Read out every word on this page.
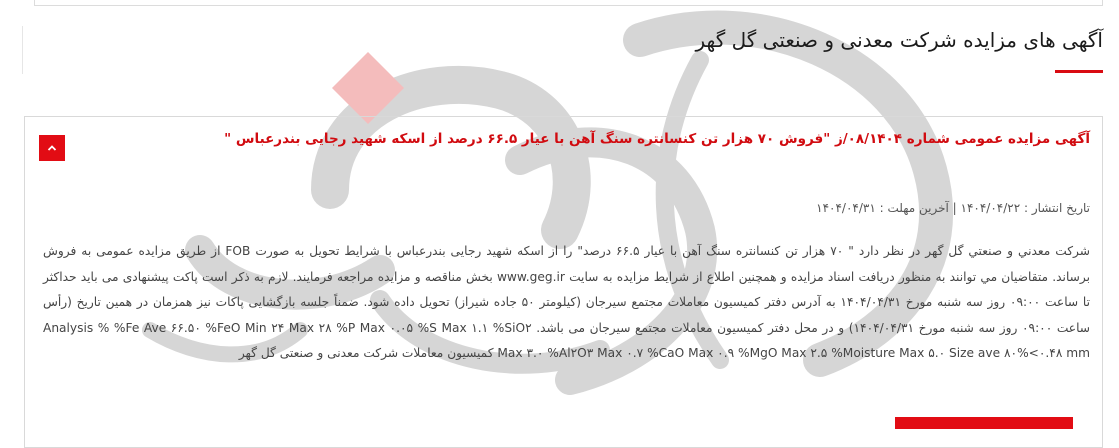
آگهی های مزایده شرکت معدنی و صنعتی گل گهر
آگهی مزایده عمومی شماره ۰۸/۱۴۰۴/ز "فروش ۷۰ هزار تن کنسانتره سنگ آهن با عیار ۶۶.۵ درصد از اسکه شهید رجایی بندرعباس "

تاریخ انتشار : ۱۴۰۴/۰۴/۲۲ | آخرین مهلت : ۱۴۰۴/۰۴/۳۱

شرکت معدني و صنعتي گل گهر در نظر دارد " ۷۰ هزار تن کنسانتره سنگ آهن با عیار ۶۶.۵ درصد" را از اسکه شهید رجایی بندرعباس با شرایط تحویل به صورت FOB از طریق مزایده عمومی به فروش برساند. متقاضيان مي توانند به منظور دریافت اسناد مزایده و همچنین اطلاع از شرایط مزایده به سایت www.geg.ir بخش مناقصه و مزایده مراجعه فرمایند. لازم به ذکر است پاکت پیشنهادی می باید حداکثر تا ساعت ۰۹:۰۰ روز سه شنبه مورخ ۱۴۰۴/۰۴/۳۱ به آدرس دفتر کمیسیون معاملات مجتمع سیرجان (کیلومتر ۵۰ جاده شیراز) تحویل داده شود. ضمناً جلسه بازگشایی پاکات نیز همزمان در همین تاریخ (رأس ساعت ۰۹:۰۰ روز سه شنبه مورخ ۱۴۰۴/۰۴/۳۱) و در محل دفتر کمیسیون معاملات مجتمع سیرجان می باشد. Analysis % %Fe Ave ۶۶.۵۰ %FeO Min ۲۴ Max ۲۸ %P Max ۰.۰۵ %S Max ۱.۱ %SiO۲ Max ۳.۰ %Al۲O۳ Max ۰.۷ %CaO Max ۰.۹ %MgO Max ۲.۵ %Moisture Max ۵.۰ Size ave ۸۰%<۰.۴۸ mm کمیسیون معاملات شرکت معدنی و صنعتی گل گهر
